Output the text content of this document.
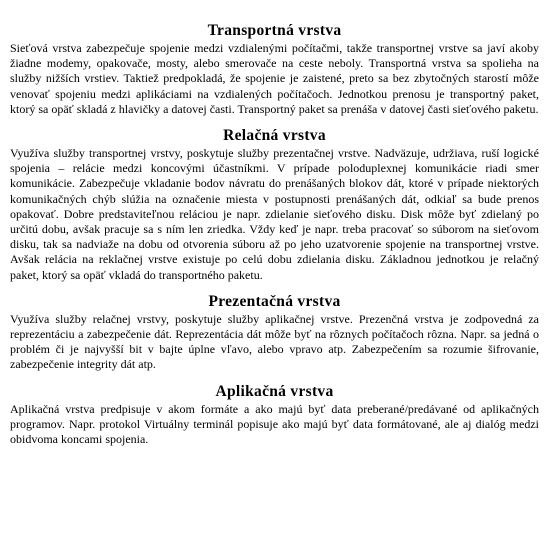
Transportná vrstva

Sieťová vrstva zabezpečuje spojenie medzi vzdialenými počítačmi, takže transportnej vrstve sa javí akoby žiadne modemy, opakovače, mosty, alebo smerovače na ceste neboly. Transportná vrstva sa spolieha na služby nižších vrstiev. Taktiež predpokladá, že spojenie je zaistené, preto sa bez zbytočných starostí môže venovať spojeniu medzi aplikáciami na vzdialených počítačoch. Jednotkou prenosu je transportný paket, ktorý sa opäť skladá z hlavičky a datovej časti. Transportný paket sa prenáša v datovej časti sieťového paketu.

Relačná vrstva

Využíva služby transportnej vrstvy, poskytuje služby prezentačnej vrstve. Nadväzuje, udržiava, ruší logické spojenia – relácie medzi koncovými účastníkmi. V prípade poloduplexnej komunikácie riadi smer komunikácie. Zabezpečuje vkladanie bodov návratu do prenášaných blokov dát, ktoré v prípade niektorých komunikačných chýb slúžia na označenie miesta v postupnosti prenášaných dát, odkiaľ sa bude prenos opakovať. Dobre predstaviteľnou reláciou je napr. zdielanie sieťového disku. Disk môže byť zdielaný po určitú dobu, avšak pracuje sa s ním len zriedka. Vždy keď je napr. treba pracovať so súborom na sieťovom disku, tak sa nadviaže na dobu od otvorenia súboru až po jeho uzatvorenie spojenie na transportnej vrstve. Avšak relácia na reklačnej vrstve existuje po celú dobu zdielania disku. Základnou jednotkou je relačný paket, ktorý sa opäť vkladá do transportného paketu.

Prezentačná vrstva

Využíva služby relačnej vrstvy, poskytuje služby aplikačnej vrstve. Prezenčná vrstva je zodpovedná za reprezentáciu a zabezpečenie dát. Reprezentácia dát môže byť na rôznych počítačoch rôzna. Napr. sa jedná o problém či je najvyšší bit v bajte úplne vľavo, alebo vpravo atp. Zabezpečením sa rozumie šifrovanie, zabezpečenie integrity dát atp.

Aplikačná vrstva

Aplikačná vrstva predpisuje v akom formáte a ako majú byť data preberané/predávané od aplikačných programov. Napr. protokol Virtuálny terminál popisuje ako majú byť data formátované, ale aj dialóg medzi obidvoma koncami spojenia.
